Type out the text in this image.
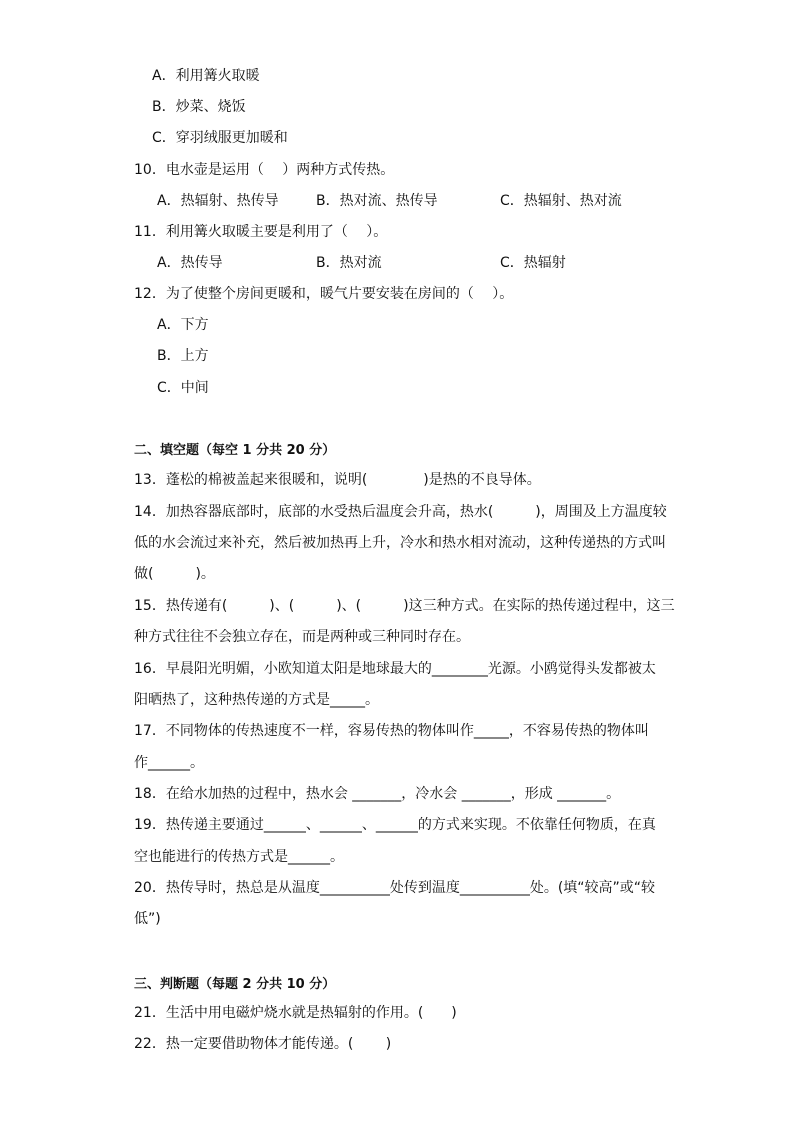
A．利用篝火取暖
B．炒菜、烧饭
C．穿羽绒服更加暖和
10．电水壶是运用（　 ）两种方式传热。
A．热辐射、热传导	B．热对流、热传导	C．热辐射、热对流
11．利用篝火取暖主要是利用了（　 ）。
A．热传导	B．热对流	C．热辐射
12．为了使整个房间更暖和，暖气片要安装在房间的（　 ）。
A．下方
B．上方
C．中间
二、填空题（每空 1 分共 20 分）
13．蓬松的棉被盖起来很暖和，说明(　　　　)是热的不良导体。
14．加热容器底部时，底部的水受热后温度会升高，热水(　　　)，周围及上方温度较
低的水会流过来补充，然后被加热再上升，冷水和热水相对流动，这种传递热的方式叫
做(　　　)。
15．热传递有(　　　)、(　　　)、(　　　)这三种方式。在实际的热传递过程中，这三
种方式往往不会独立存在，而是两种或三种同时存在。
16．早晨阳光明媚，小欧知道太阳是地球最大的________光源。小鸥觉得头发都被太
阳晒热了，这种热传递的方式是_____。
17．不同物体的传热速度不一样，容易传热的物体叫作_____，不容易传热的物体叫
作______。
18．在给水加热的过程中，热水会 _______，冷水会 _______，形成 _______。
19．热传递主要通过______、______、______的方式来实现。不依靠任何物质，在真
空也能进行的传热方式是______。
20．热传导时，热总是从温度__________处传到温度__________处。(填“较高”或“较
低”)
三、判断题（每题 2 分共 10 分）
21．生活中用电磁炉烧水就是热辐射的作用。(　　)
22．热一定要借助物体才能传递。(　　 )
